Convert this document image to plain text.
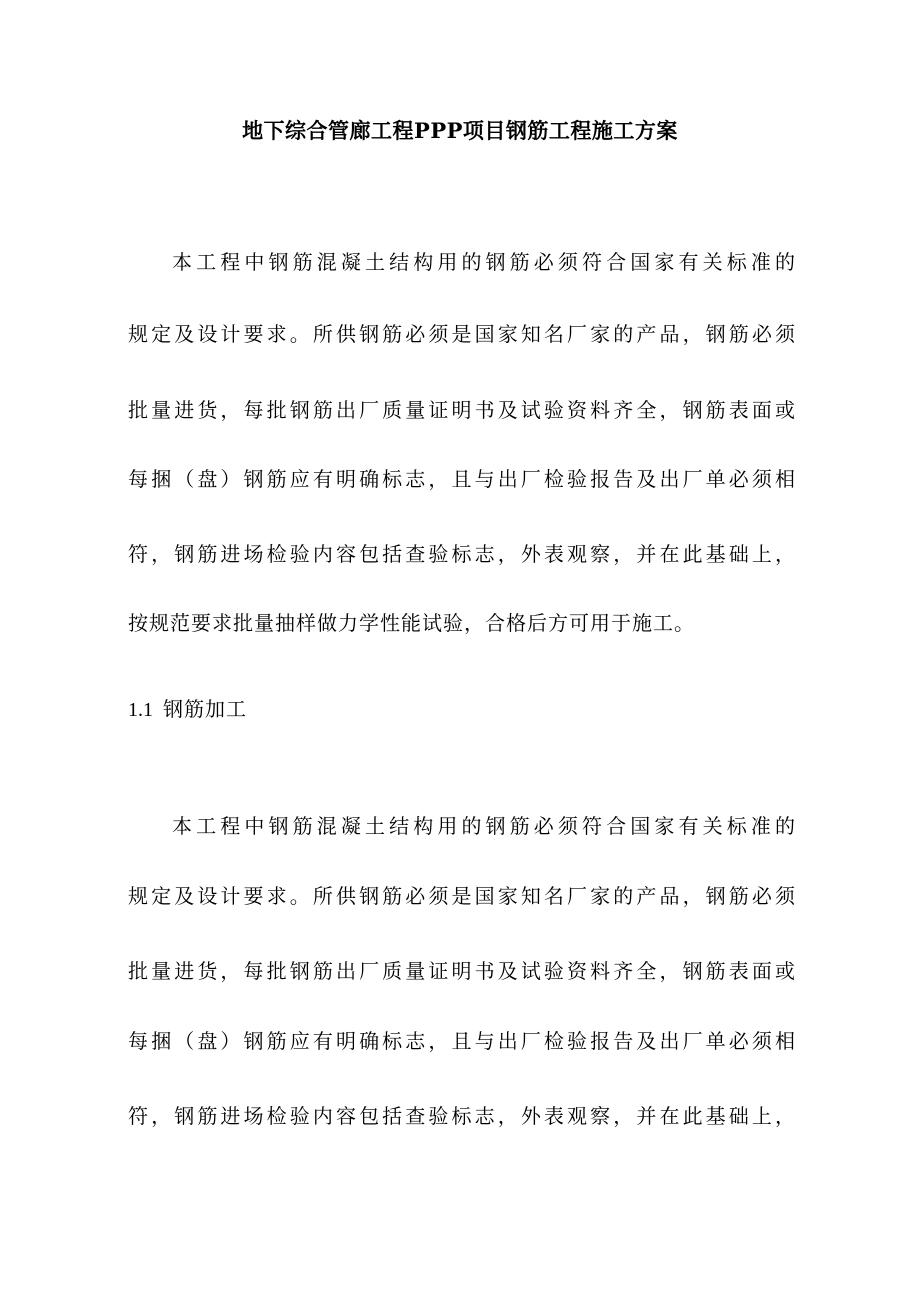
地下综合管廊工程PPP项目钢筋工程施工方案
本工程中钢筋混凝土结构用的钢筋必须符合国家有关标准的
规定及设计要求。所供钢筋必须是国家知名厂家的产品，钢筋必须
批量进货，每批钢筋出厂质量证明书及试验资料齐全，钢筋表面或
每捆（盘）钢筋应有明确标志，且与出厂检验报告及出厂单必须相
符，钢筋进场检验内容包括查验标志，外表观察，并在此基础上，
按规范要求批量抽样做力学性能试验，合格后方可用于施工。
1.1 钢筋加工
本工程中钢筋混凝土结构用的钢筋必须符合国家有关标准的
规定及设计要求。所供钢筋必须是国家知名厂家的产品，钢筋必须
批量进货，每批钢筋出厂质量证明书及试验资料齐全，钢筋表面或
每捆（盘）钢筋应有明确标志，且与出厂检验报告及出厂单必须相
符，钢筋进场检验内容包括查验标志，外表观察，并在此基础上，
